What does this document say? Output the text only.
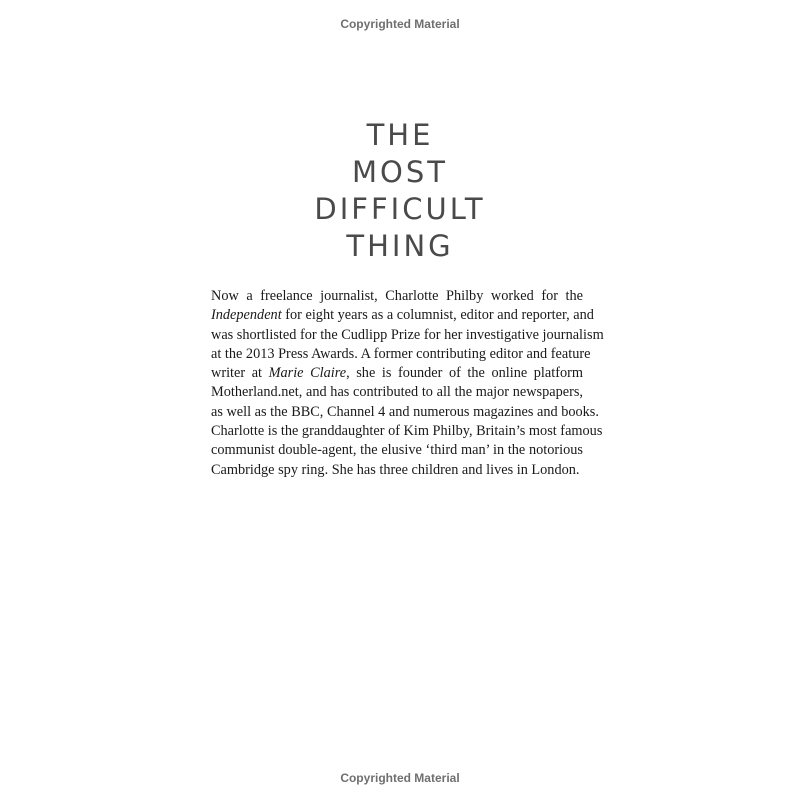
Copyrighted Material
THE
MOST
DIFFICULT
THING
Now a freelance journalist, Charlotte Philby worked for the
Independent for eight years as a columnist, editor and reporter, and
was shortlisted for the Cudlipp Prize for her investigative journalism
at the 2013 Press Awards. A former contributing editor and feature
writer at Marie Claire, she is founder of the online platform
Motherland.net, and has contributed to all the major newspapers,
as well as the BBC, Channel 4 and numerous magazines and books.
Charlotte is the granddaughter of Kim Philby, Britain’s most famous
communist double-agent, the elusive ‘third man’ in the notorious
Cambridge spy ring. She has three children and lives in London.
Copyrighted Material
